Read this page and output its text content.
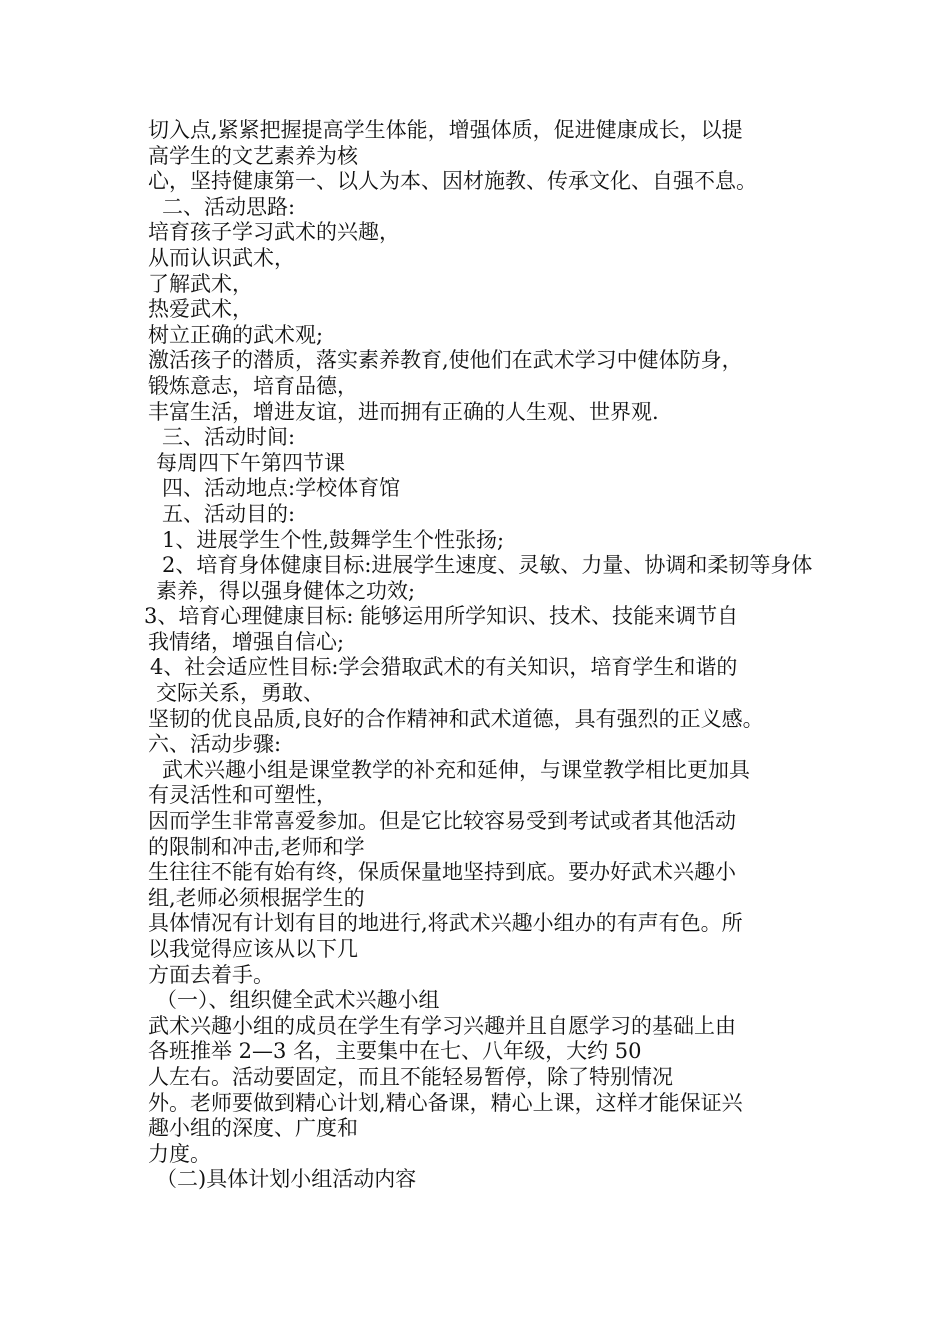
切入点,紧紧把握提高学生体能，增强体质，促进健康成长，以提
高学生的文艺素养为核
心，坚持健康第一、以人为本、因材施教、传承文化、自强不息。
二、活动思路:
培育孩子学习武术的兴趣，
从而认识武术，
了解武术，
热爱武术，
树立正确的武术观;
激活孩子的潜质，落实素养教育,使他们在武术学习中健体防身，
锻炼意志，培育品德，
丰富生活，增进友谊，进而拥有正确的人生观、世界观.
三、活动时间:
每周四下午第四节课
四、活动地点:学校体育馆
五、活动目的:
1、进展学生个性,鼓舞学生个性张扬;
2、培育身体健康目标:进展学生速度、灵敏、力量、协调和柔韧等身体
素养，得以强身健体之功效;
3、培育心理健康目标: 能够运用所学知识、技术、技能来调节自
我情绪，增强自信心;
4、社会适应性目标:学会猎取武术的有关知识，培育学生和谐的
交际关系，勇敢、
坚韧的优良品质,良好的合作精神和武术道德，具有强烈的正义感。
六、活动步骤:
武术兴趣小组是课堂教学的补充和延伸，与课堂教学相比更加具
有灵活性和可塑性，
因而学生非常喜爱参加。但是它比较容易受到考试或者其他活动
的限制和冲击,老师和学
生往往不能有始有终，保质保量地坚持到底。要办好武术兴趣小
组,老师必须根据学生的
具体情况有计划有目的地进行,将武术兴趣小组办的有声有色。所
以我觉得应该从以下几
方面去着手。
（一）、组织健全武术兴趣小组
武术兴趣小组的成员在学生有学习兴趣并且自愿学习的基础上由
各班推举 2—3 名，主要集中在七、八年级，大约 50
人左右。活动要固定，而且不能轻易暂停，除了特别情况
外。老师要做到精心计划,精心备课，精心上课，这样才能保证兴
趣小组的深度、广度和
力度。
（二)具体计划小组活动内容
